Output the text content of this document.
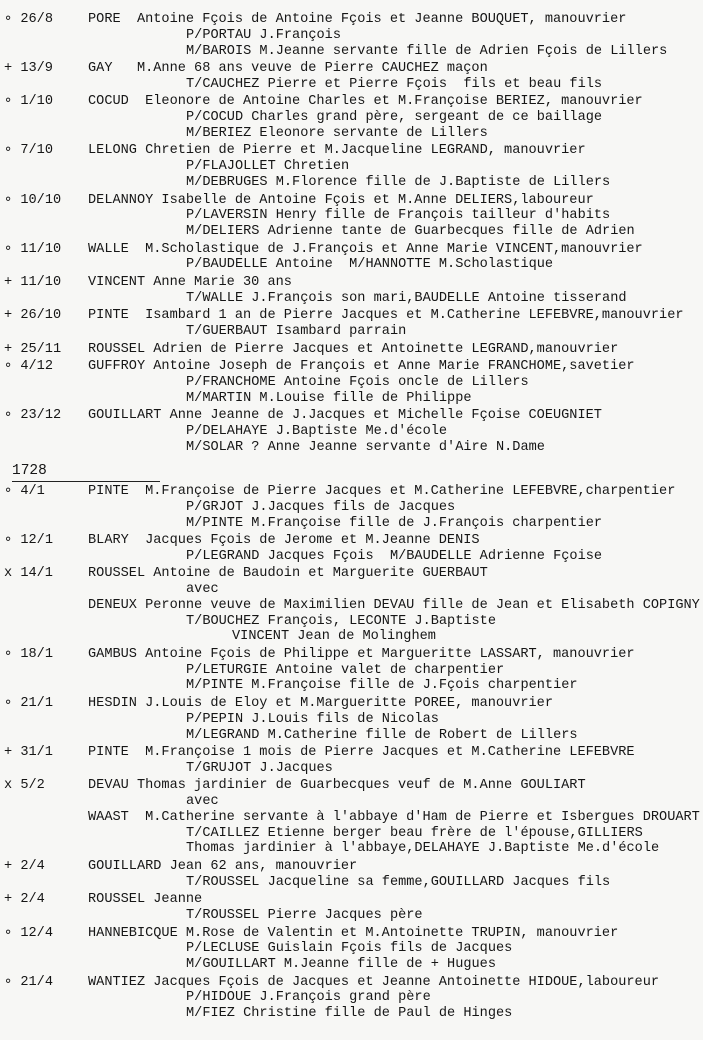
∘ 26/8	PORE  Antoine Fçois de Antoine Fçois et Jeanne BOUQUET, manouvrier
P/PORTAU J.François
M/BAROIS M.Jeanne servante fille de Adrien Fçois de Lillers
+ 13/9	GAY   M.Anne 68 ans veuve de Pierre CAUCHEZ maçon
T/CAUCHEZ Pierre et Pierre Fçois  fils et beau fils
∘ 1/10	COCUD  Eleonore de Antoine Charles et M.Françoise BERIEZ, manouvrier
P/COCUD Charles grand père, sergeant de ce baillage
M/BERIEZ Eleonore servante de Lillers
∘ 7/10	LELONG Chretien de Pierre et M.Jacqueline LEGRAND, manouvrier
P/FLAJOLLET Chretien
M/DEBRUGES M.Florence fille de J.Baptiste de Lillers
∘ 10/10 DELANNOY Isabelle de Antoine Fçois et M.Anne DELIERS,laboureur
P/LAVERSIN Henry fille de François tailleur d'habits
M/DELIERS Adrienne tante de Guarbecques fille de Adrien
∘ 11/10 WALLE  M.Scholastique de J.François et Anne Marie VINCENT,manouvrier
P/BAUDELLE Antoine  M/HANNOTTE M.Scholastique
+ 11/10 VINCENT Anne Marie 30 ans
T/WALLE J.François son mari,BAUDELLE Antoine tisserand
+ 26/10 PINTE  Isambard 1 an de Pierre Jacques et M.Catherine LEFEBVRE,manouvrier
T/GUERBAUT Isambard parrain
+ 25/11 ROUSSEL Adrien de Pierre Jacques et Antoinette LEGRAND,manouvrier
∘ 4/12	GUFFROY Antoine Joseph de François et Anne Marie FRANCHOME,savetier
P/FRANCHOME Antoine Fçois oncle de Lillers
M/MARTIN M.Louise fille de Philippe
∘ 23/12 GOUILLART Anne Jeanne de J.Jacques et Michelle Fçoise COEUGNIET
P/DELAHAYE J.Baptiste Me.d'école
M/SOLAR ? Anne Jeanne servante d'Aire N.Dame
1728
∘ 4/1	PINTE  M.Françoise de Pierre Jacques et M.Catherine LEFEBVRE,charpentier
P/GRJOT J.Jacques fils de Jacques
M/PINTE M.Françoise fille de J.François charpentier
∘ 12/1	BLARY  Jacques Fçois de Jerome et M.Jeanne DENIS
P/LEGRAND Jacques Fçois  M/BAUDELLE Adrienne Fçoise
x 14/1	ROUSSEL Antoine de Baudoin et Marguerite GUERBAUT
avec
DENEUX Peronne veuve de Maximilien DEVAU fille de Jean et Elisabeth COPIGNY
T/BOUCHEZ François, LECONTE J.Baptiste
VINCENT Jean de Molinghem
∘ 18/1	GAMBUS Antoine Fçois de Philippe et Margueritte LASSART, manouvrier
P/LETURGIE Antoine valet de charpentier
M/PINTE M.Françoise fille de J.Fçois charpentier
∘ 21/1	HESDIN J.Louis de Eloy et M.Margueritte POREE, manouvrier
P/PEPIN J.Louis fils de Nicolas
M/LEGRAND M.Catherine fille de Robert de Lillers
+ 31/1	PINTE  M.Françoise 1 mois de Pierre Jacques et M.Catherine LEFEBVRE
T/GRUJOT J.Jacques
x 5/2	DEVAU Thomas jardinier de Guarbecques veuf de M.Anne GOULIART
avec
WAAST  M.Catherine servante à l'abbaye d'Ham de Pierre et Isbergues DROUART
T/CAILLEZ Etienne berger beau frère de l'épouse,GILLIERS
Thomas jardinier à l'abbaye,DELAHAYE J.Baptiste Me.d'école
+ 2/4	GOUILLARD Jean 62 ans, manouvrier
T/ROUSSEL Jacqueline sa femme,GOUILLARD Jacques fils
+ 2/4	ROUSSEL Jeanne
T/ROUSSEL Pierre Jacques père
∘ 12/4	HANNEBICQUE M.Rose de Valentin et M.Antoinette TRUPIN, manouvrier
P/LECLUSE Guislain Fçois fils de Jacques
M/GOUILLART M.Jeanne fille de + Hugues
∘ 21/4	WANTIEZ Jacques Fçois de Jacques et Jeanne Antoinette HIDOUE,laboureur
P/HIDOUE J.François grand père
M/FIEZ Christine fille de Paul de Hinges
